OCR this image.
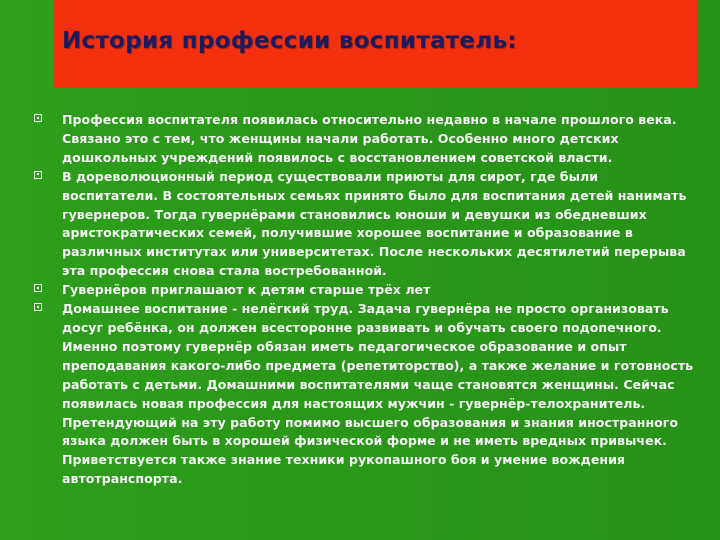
История профессии воспитатель:
Профессия воспитателя появилась относительно недавно в начале прошлого века. Связано это с тем, что женщины начали работать. Особенно много детских дошкольных учреждений появилось с восстановлением советской власти.
В дореволюционный период существовали приюты для сирот, где были воспитатели. В состоятельных семьях принято было для воспитания детей нанимать гувернеров. Тогда гувернёрами становились юноши и девушки из обедневших аристократических семей, получившие хорошее воспитание и образование в различных институтах или университетах. После нескольких десятилетий перерыва эта профессия снова стала востребованной.
Гувернёров приглашают к детям старше трёх лет
Домашнее воспитание - нелёгкий труд. Задача гувернёра не просто организовать досуг ребёнка, он должен всесторонне развивать и обучать своего подопечного. Именно поэтому гувернёр обязан иметь педагогическое образование и опыт преподавания какого-либо предмета (репетиторство), а также желание и готовность работать с детьми. Домашними воспитателями чаще становятся женщины. Сейчас появилась новая профессия для настоящих мужчин - гувернёр-телохранитель. Претендующий на эту работу помимо высшего образования и знания иностранного языка должен быть в хорошей физической форме и не иметь вредных привычек. Приветствуется также знание техники рукопашного боя и умение вождения автотранспорта.
